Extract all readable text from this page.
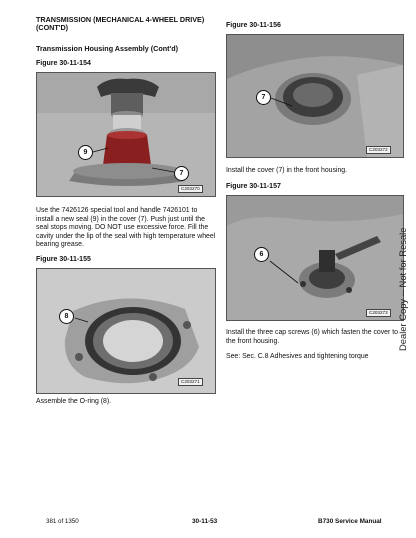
TRANSMISSION (MECHANICAL 4-WHEEL DRIVE) (CONT'D)
Transmission Housing Assembly (Cont'd)
Figure 30-11-154
C203270
9
7
Use the 7426126 special tool and handle 7426101 to install a new seal (9) in the cover (7). Push just until the seal stops moving. DO NOT use excessive force. Fill the cavity under the lip of the seal with high temperature wheel bearing grease.
Figure 30-11-155
C203271
8
Assemble the O-ring (8).
Figure 30-11-156
C203272
7
Install the cover (7) in the front housing.
Figure 30-11-157
C203273
6
Install the three cap screws (6) which fasten the cover to the front housing.
See: Sec. C.8 Adhesives and tightening torque
Dealer Copy -- Not for Resale
381 of 1350	30-11-53	B730 Service Manual
